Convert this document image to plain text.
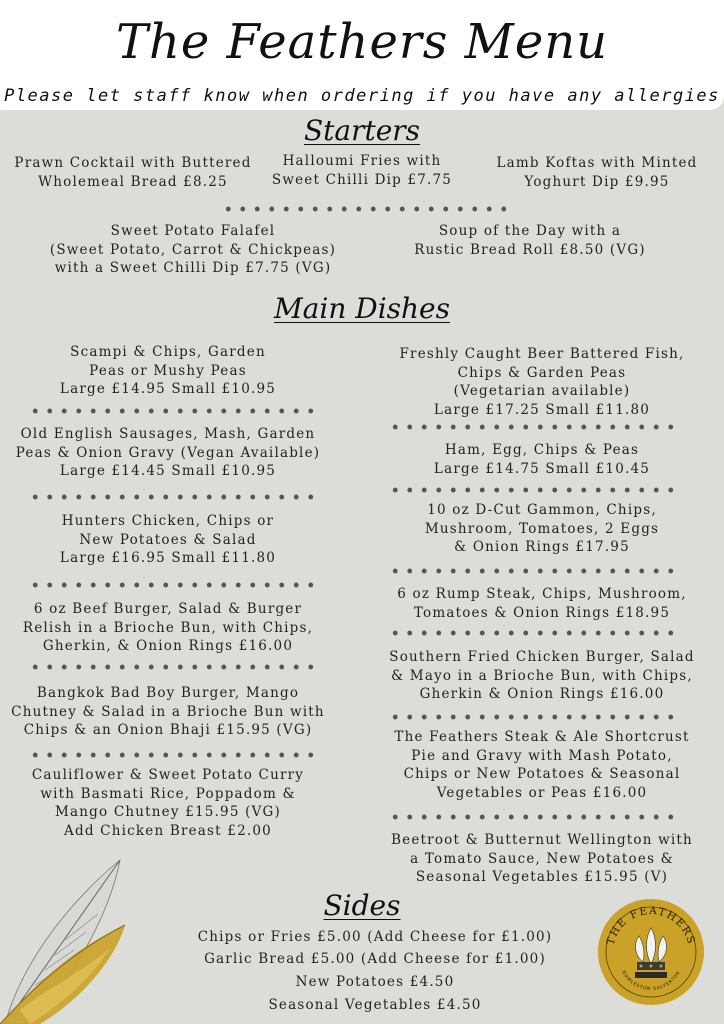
The Feathers Menu
Please let staff know when ordering if you have any allergies
Starters
Prawn Cocktail with Buttered
Wholemeal Bread £8.25
Halloumi Fries with
Sweet Chilli Dip £7.75
Lamb Koftas with Minted
Yoghurt Dip £9.95
Sweet Potato Falafel
(Sweet Potato, Carrot & Chickpeas)
with a Sweet Chilli Dip £7.75 (VG)
Soup of the Day with a
Rustic Bread Roll £8.50 (VG)
Main Dishes
Scampi & Chips, Garden
Peas or Mushy Peas
Large £14.95 Small £10.95
Old English Sausages, Mash, Garden
Peas & Onion Gravy (Vegan Available)
Large £14.45 Small £10.95
Hunters Chicken, Chips or
New Potatoes & Salad
Large £16.95 Small £11.80
6 oz Beef Burger, Salad & Burger
Relish in a Brioche Bun, with Chips,
Gherkin, & Onion Rings £16.00
Bangkok Bad Boy Burger, Mango
Chutney & Salad in a Brioche Bun with
Chips & an Onion Bhaji £15.95 (VG)
Cauliflower & Sweet Potato Curry
with Basmati Rice, Poppadom &
Mango Chutney £15.95 (VG)
Add Chicken Breast £2.00
Freshly Caught Beer Battered Fish,
Chips & Garden Peas
(Vegetarian available)
Large £17.25 Small £11.80
Ham, Egg, Chips & Peas
Large £14.75 Small £10.45
10 oz D-Cut Gammon, Chips,
Mushroom, Tomatoes, 2 Eggs
& Onion Rings £17.95
6 oz Rump Steak, Chips, Mushroom,
Tomatoes & Onion Rings £18.95
Southern Fried Chicken Burger, Salad
& Mayo in a Brioche Bun, with Chips,
Gherkin & Onion Rings £16.00
The Feathers Steak & Ale Shortcrust
Pie and Gravy with Mash Potato,
Chips or New Potatoes & Seasonal
Vegetables or Peas £16.00
Beetroot & Butternut Wellington with
a Tomato Sauce, New Potatoes &
Seasonal Vegetables £15.95 (V)
Sides
Chips or Fries £5.00 (Add Cheese for £1.00)
Garlic Bread £5.00 (Add Cheese for £1.00)
New Potatoes £4.50
Seasonal Vegetables £4.50
THE FEATHERS
ROWLESTON SALVERTON
